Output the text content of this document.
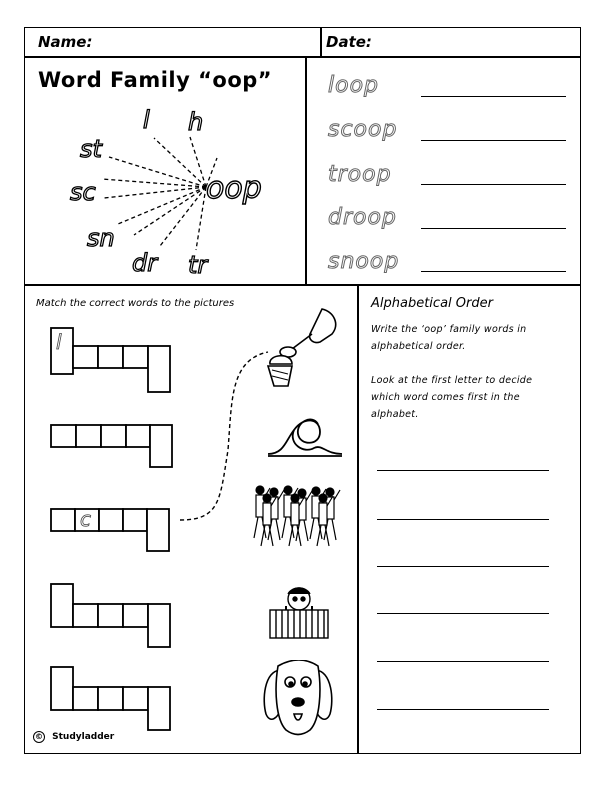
Name:	Date:
Word Family “oop”
l h
st
sc
sn
dr tr
oop
loop
scoop
troop
droop
snoop
Match the correct words to the pictures
l
c
Alphabetical Order
Write the ‘oop’ family words in alphabetical order.
Look at the first letter to decide which word comes first in the alphabet.
© Studyladder
